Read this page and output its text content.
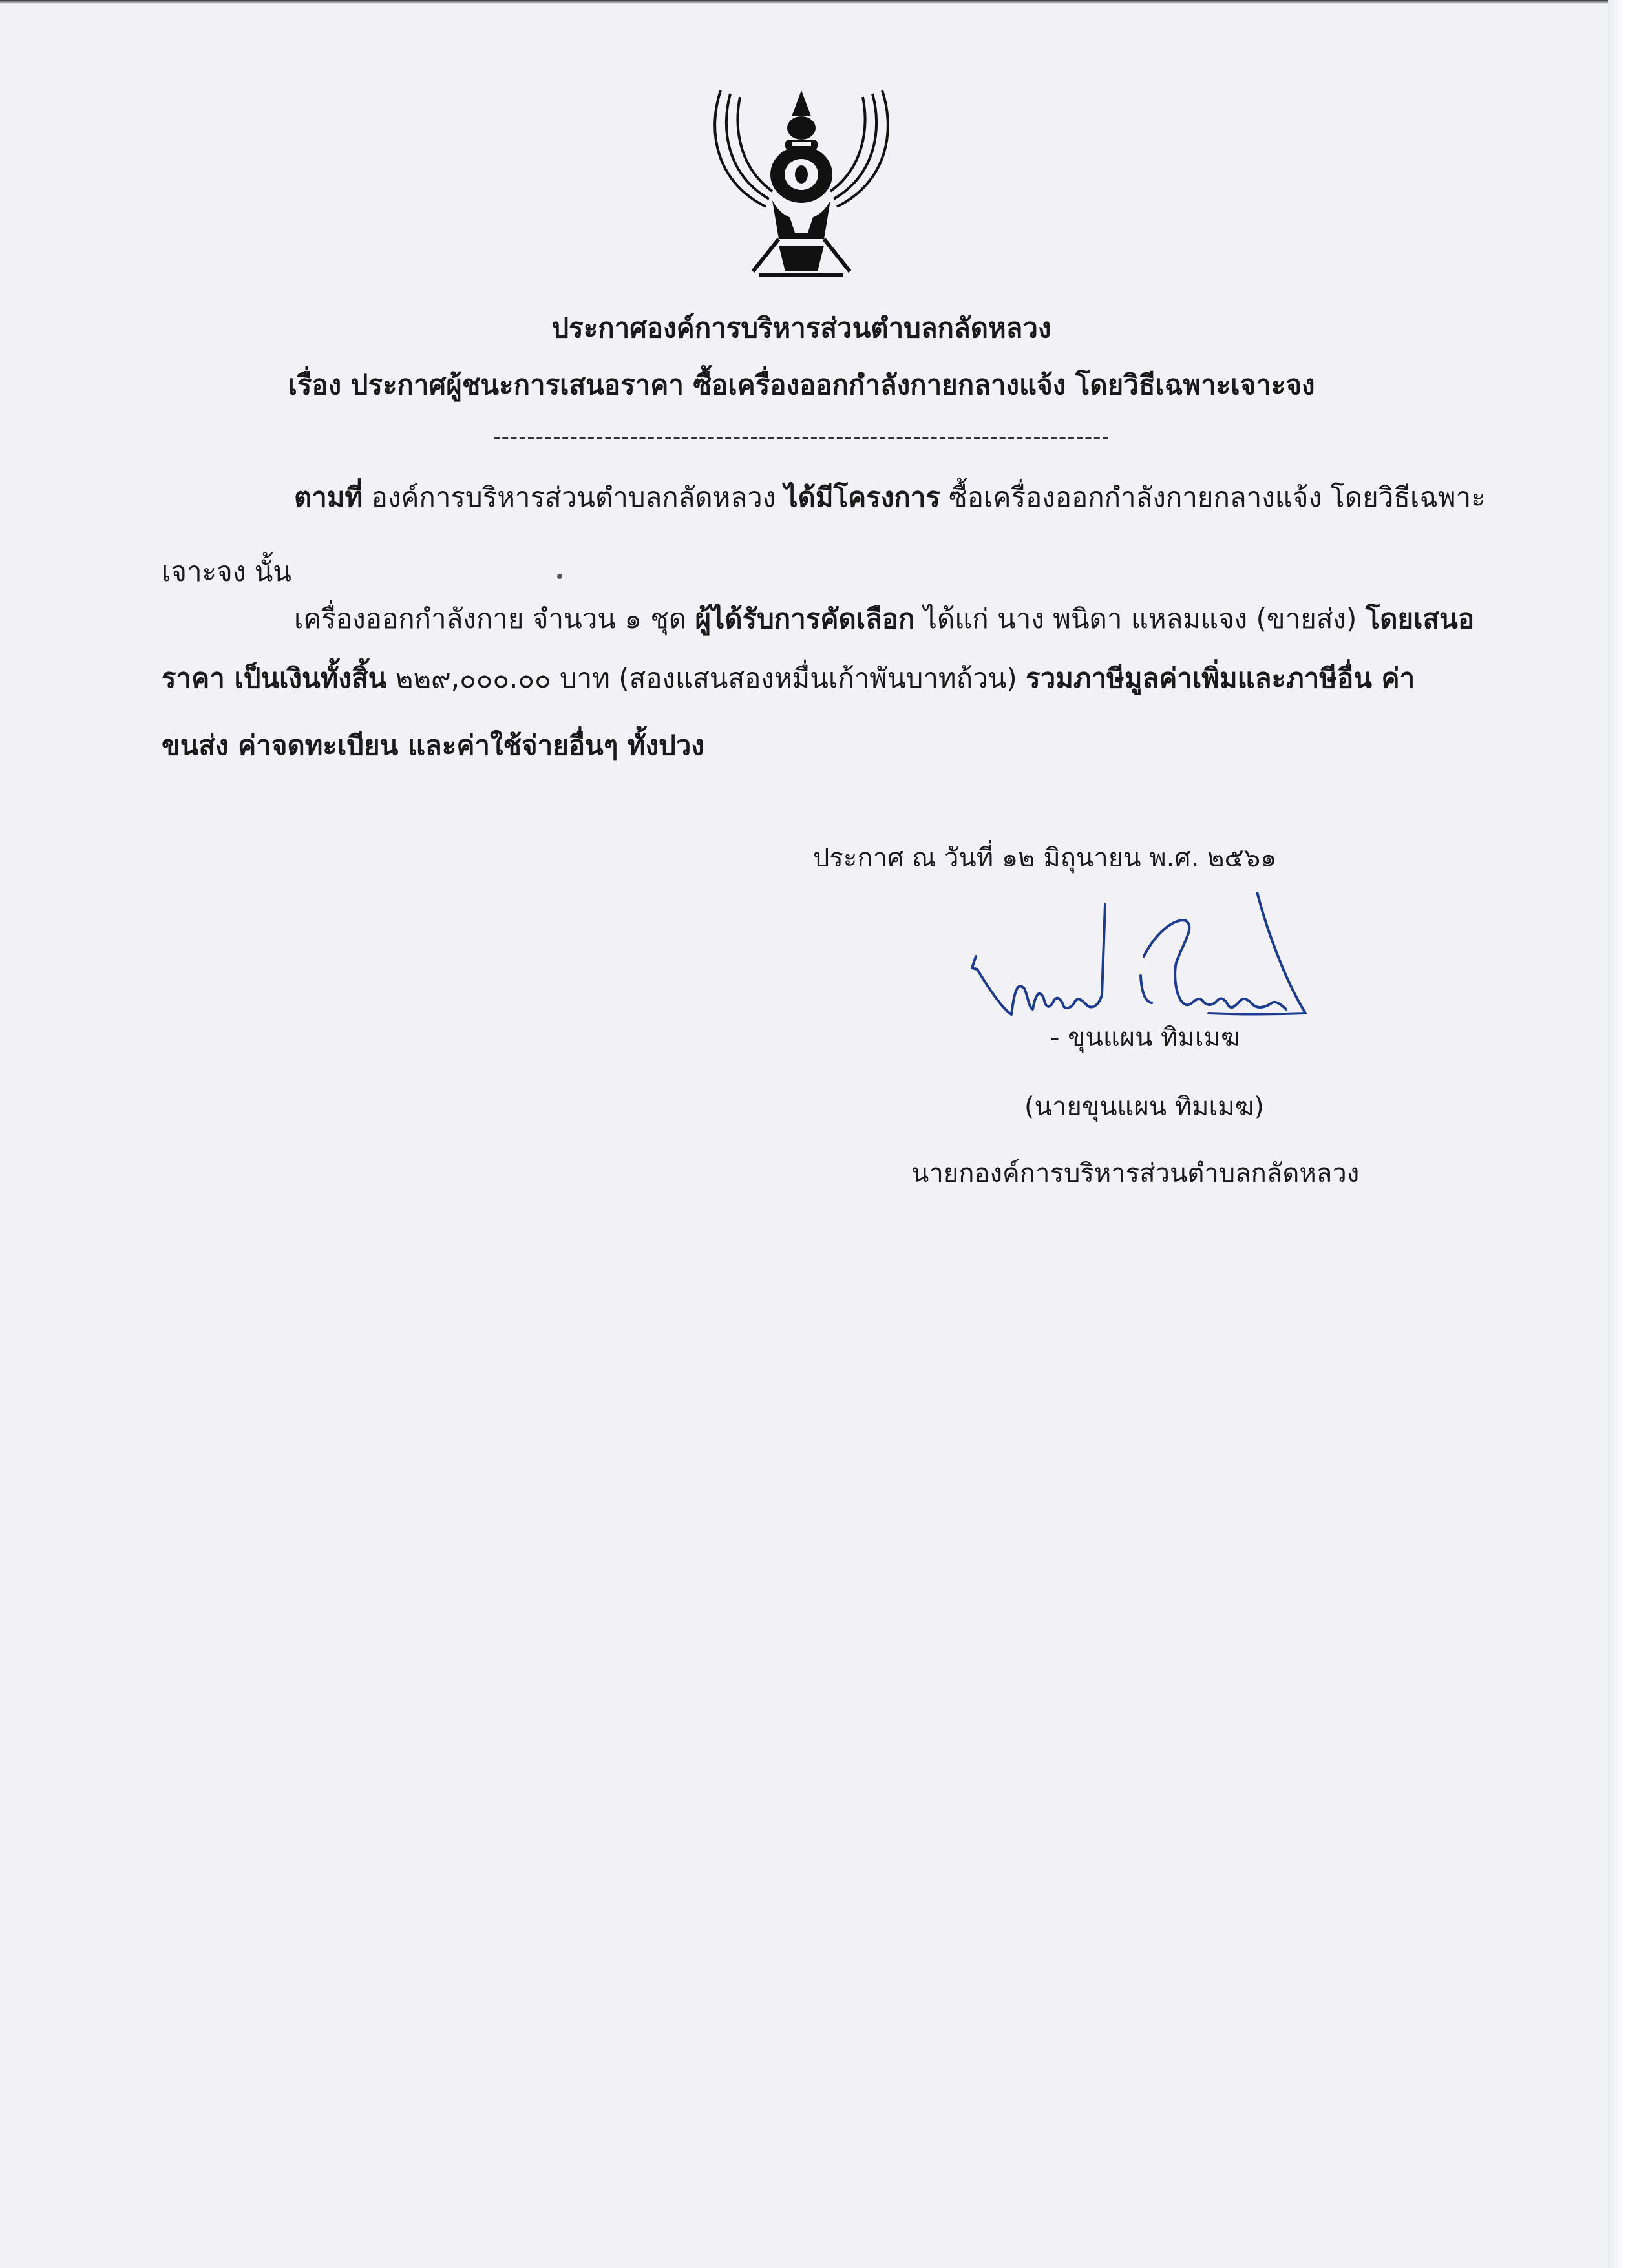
ประกาศองค์การบริหารส่วนตำบลกลัดหลวง
เรื่อง ประกาศผู้ชนะการเสนอราคา ซื้อเครื่องออกกำลังกายกลางแจ้ง โดยวิธีเฉพาะเจาะจง
------------------------------------------------------------------------
ตามที่ องค์การบริหารส่วนตำบลกลัดหลวง ได้มีโครงการ ซื้อเครื่องออกกำลังกายกลางแจ้ง โดยวิธีเฉพาะ
เจาะจง นั้น
เครื่องออกกำลังกาย จำนวน ๑ ชุด ผู้ได้รับการคัดเลือก ได้แก่ นาง พนิดา แหลมแจง (ขายส่ง) โดยเสนอ
ราคา เป็นเงินทั้งสิ้น ๒๒๙,๐๐๐.๐๐ บาท (สองแสนสองหมื่นเก้าพันบาทถ้วน) รวมภาษีมูลค่าเพิ่มและภาษีอื่น ค่า
ขนส่ง ค่าจดทะเบียน และค่าใช้จ่ายอื่นๆ ทั้งปวง
ประกาศ ณ วันที่ ๑๒ มิถุนายน พ.ศ. ๒๕๖๑
- ขุนแผน ทิมเมฆ
(นายขุนแผน ทิมเมฆ)
นายกองค์การบริหารส่วนตำบลกลัดหลวง
